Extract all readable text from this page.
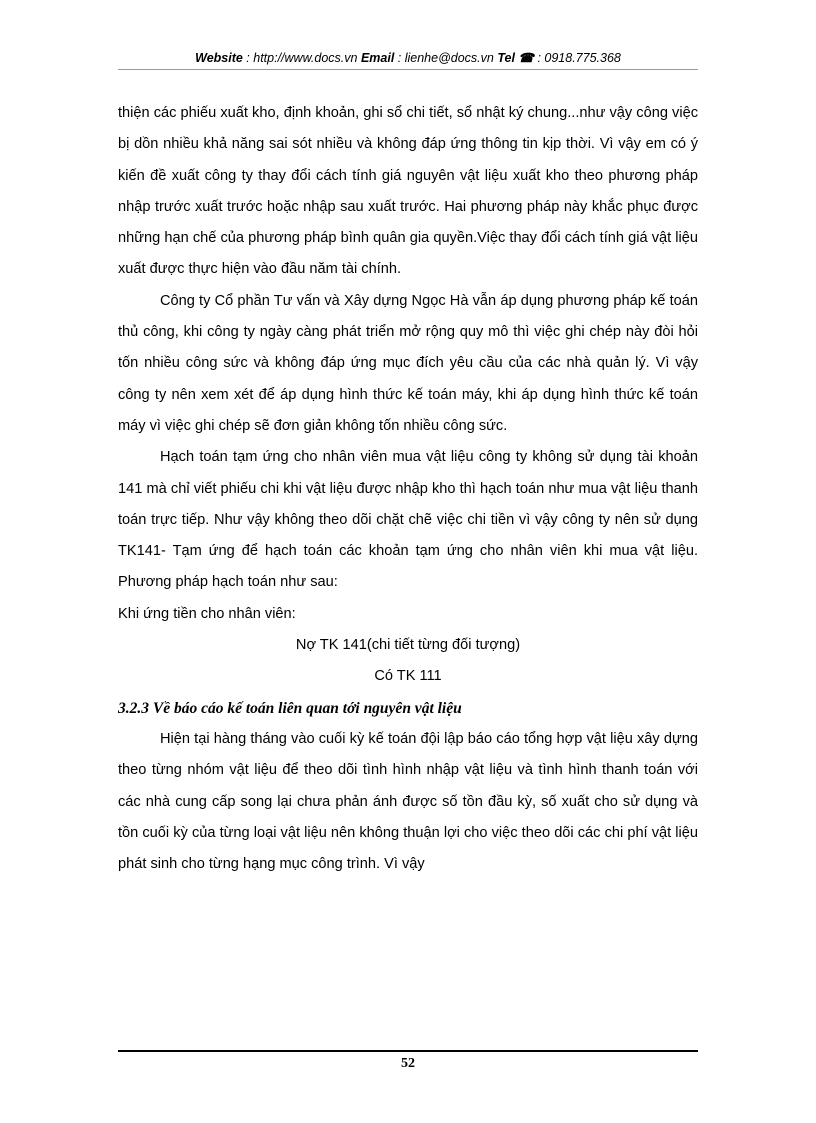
Website : http://www.docs.vn Email : lienhe@docs.vn Tel ☎ : 0918.775.368

thiện các phiếu xuất kho, định khoản, ghi sổ chi tiết, sổ nhật ký chung...như vậy công việc bị dồn nhiều khả năng sai sót nhiều và không đáp ứng thông tin kịp thời. Vì vậy em có ý kiến đề xuất công ty thay đổi cách tính giá nguyên vật liệu xuất kho theo phương pháp nhập trước xuất trước hoặc nhập sau xuất trước. Hai phương pháp này khắc phục được những hạn chế của phương pháp bình quân gia quyền.Việc thay đổi cách tính giá vật liệu xuất được thực hiện vào đầu năm tài chính.

Công ty Cổ phần Tư vấn và Xây dựng Ngọc Hà vẫn áp dụng phương pháp kế toán thủ công, khi công ty ngày càng phát triển mở rộng quy mô thì việc ghi chép này đòi hỏi tốn nhiều công sức và không đáp ứng mục đích yêu cầu của các nhà quản lý. Vì vậy công ty nên xem xét để áp dụng hình thức kế toán máy, khi áp dụng hình thức kế toán máy vì việc ghi chép sẽ đơn giản không tốn nhiều công sức.

Hạch toán tạm ứng cho nhân viên mua vật liệu công ty không sử dụng tài khoản 141 mà chỉ viết phiếu chi khi vật liệu được nhập kho thì hạch toán như mua vật liệu thanh toán trực tiếp. Như vậy không theo dõi chặt chẽ việc chi tiền vì vậy công ty nên sử dụng TK141- Tạm ứng để hạch toán các khoản tạm ứng cho nhân viên khi mua vật liệu. Phương pháp hạch toán như sau:

Khi ứng tiền cho nhân viên:

Nợ TK 141(chi tiết từng đối tượng)

Có TK 111

3.2.3 Về báo cáo kế toán liên quan tới nguyên vật liệu

Hiện tại hàng tháng vào cuối kỳ kế toán đội lập báo cáo tổng hợp vật liệu xây dựng theo từng nhóm vật liệu để theo dõi tình hình nhập vật liệu và tình hình thanh toán với các nhà cung cấp song lại chưa phản ánh được số tồn đầu kỳ, số xuất cho sử dụng và tồn cuối kỳ của từng loại vật liệu nên không thuận lợi cho việc theo dõi các chi phí vật liệu phát sinh cho từng hạng mục công trình. Vì vậy

52
